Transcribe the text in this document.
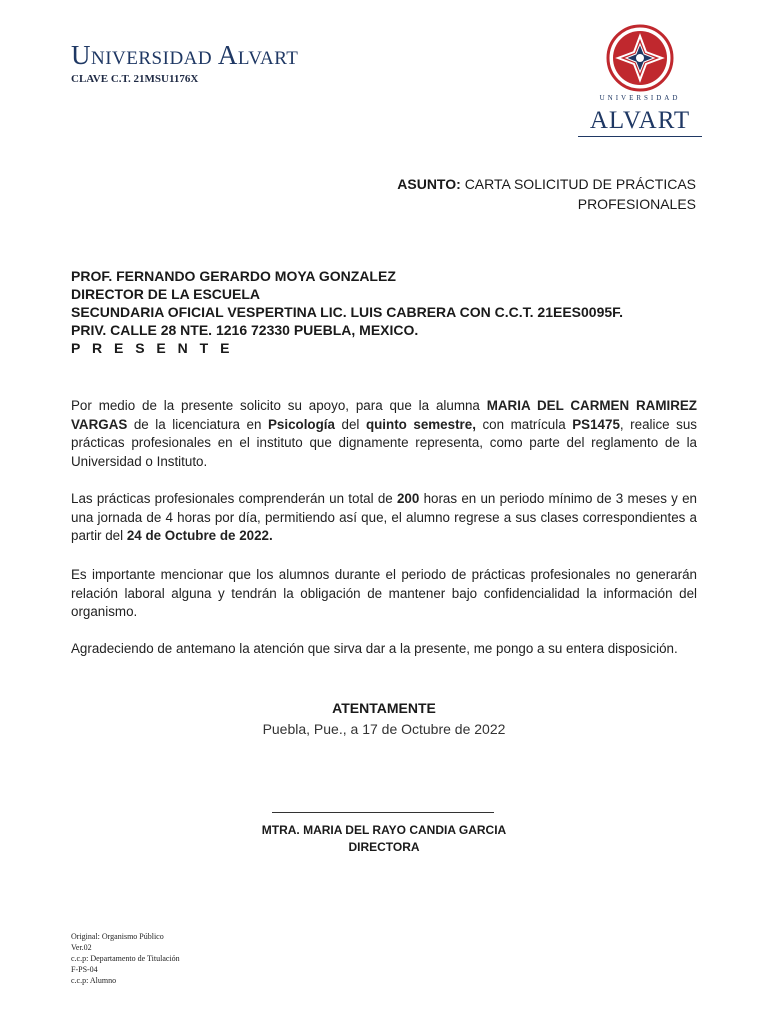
Universidad Alvart
CLAVE C.T. 21MSU1176X
UNIVERSIDAD
ALVART
ASUNTO: CARTA SOLICITUD DE PRÁCTICAS
PROFESIONALES
PROF. FERNANDO GERARDO MOYA GONZALEZ
DIRECTOR DE LA ESCUELA
SECUNDARIA OFICIAL VESPERTINA LIC. LUIS CABRERA CON C.C.T. 21EES0095F.
PRIV. CALLE 28 NTE. 1216 72330 PUEBLA, MEXICO.
P R E S E N T E
Por medio de la presente solicito su apoyo, para que la alumna MARIA DEL CARMEN RAMIREZ VARGAS de la licenciatura en Psicología del quinto semestre, con matrícula PS1475, realice sus prácticas profesionales en el instituto que dignamente representa, como parte del reglamento de la Universidad o Instituto.
Las prácticas profesionales comprenderán un total de 200 horas en un periodo mínimo de 3 meses y en una jornada de 4 horas por día, permitiendo así que, el alumno regrese a sus clases correspondientes a partir del 24 de Octubre de 2022.
Es importante mencionar que los alumnos durante el periodo de prácticas profesionales no generarán relación laboral alguna y tendrán la obligación de mantener bajo confidencialidad la información del organismo.
Agradeciendo de antemano la atención que sirva dar a la presente, me pongo a su entera disposición.
ATENTAMENTE
Puebla, Pue., a 17 de Octubre de 2022
MTRA. MARIA DEL RAYO CANDIA GARCIA
DIRECTORA
Original: Organismo Público
Ver.02
c.c.p: Departamento de Titulación
F-PS-04
c.c.p: Alumno
